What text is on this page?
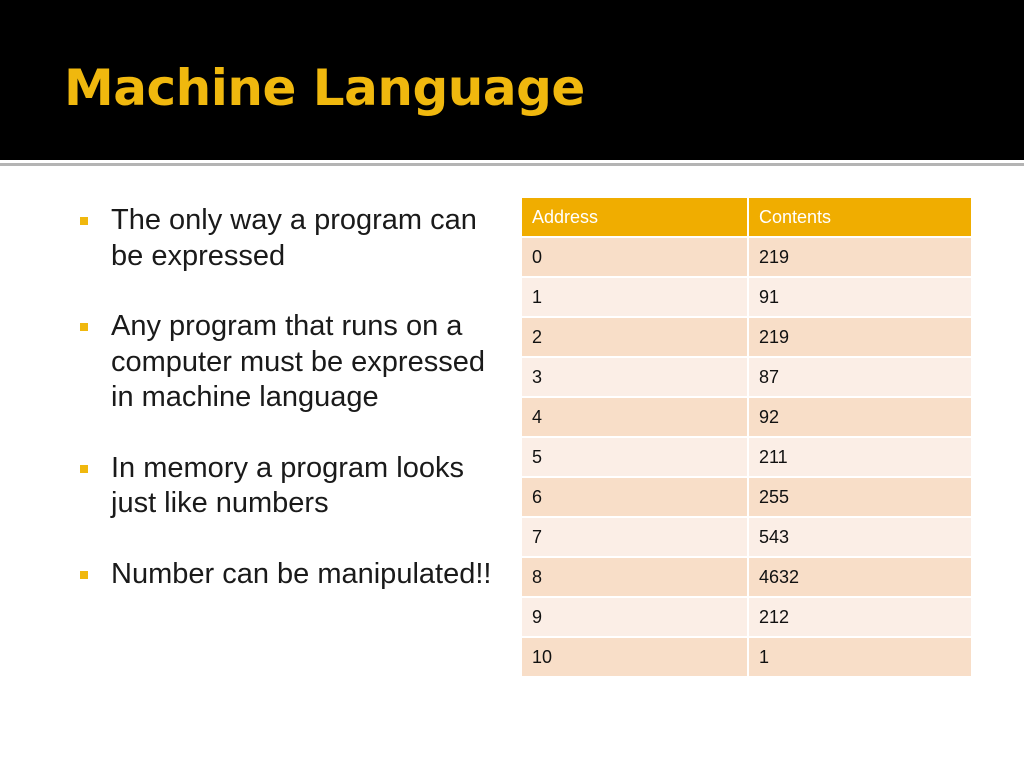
Machine Language
The only way a program can be expressed
Any program that runs on a computer must be expressed in machine language
In memory a program looks just like numbers
Number can be manipulated!!
Address	Contents
0	219
1	91
2	219
3	87
4	92
5	211
6	255
7	543
8	4632
9	212
10	1
